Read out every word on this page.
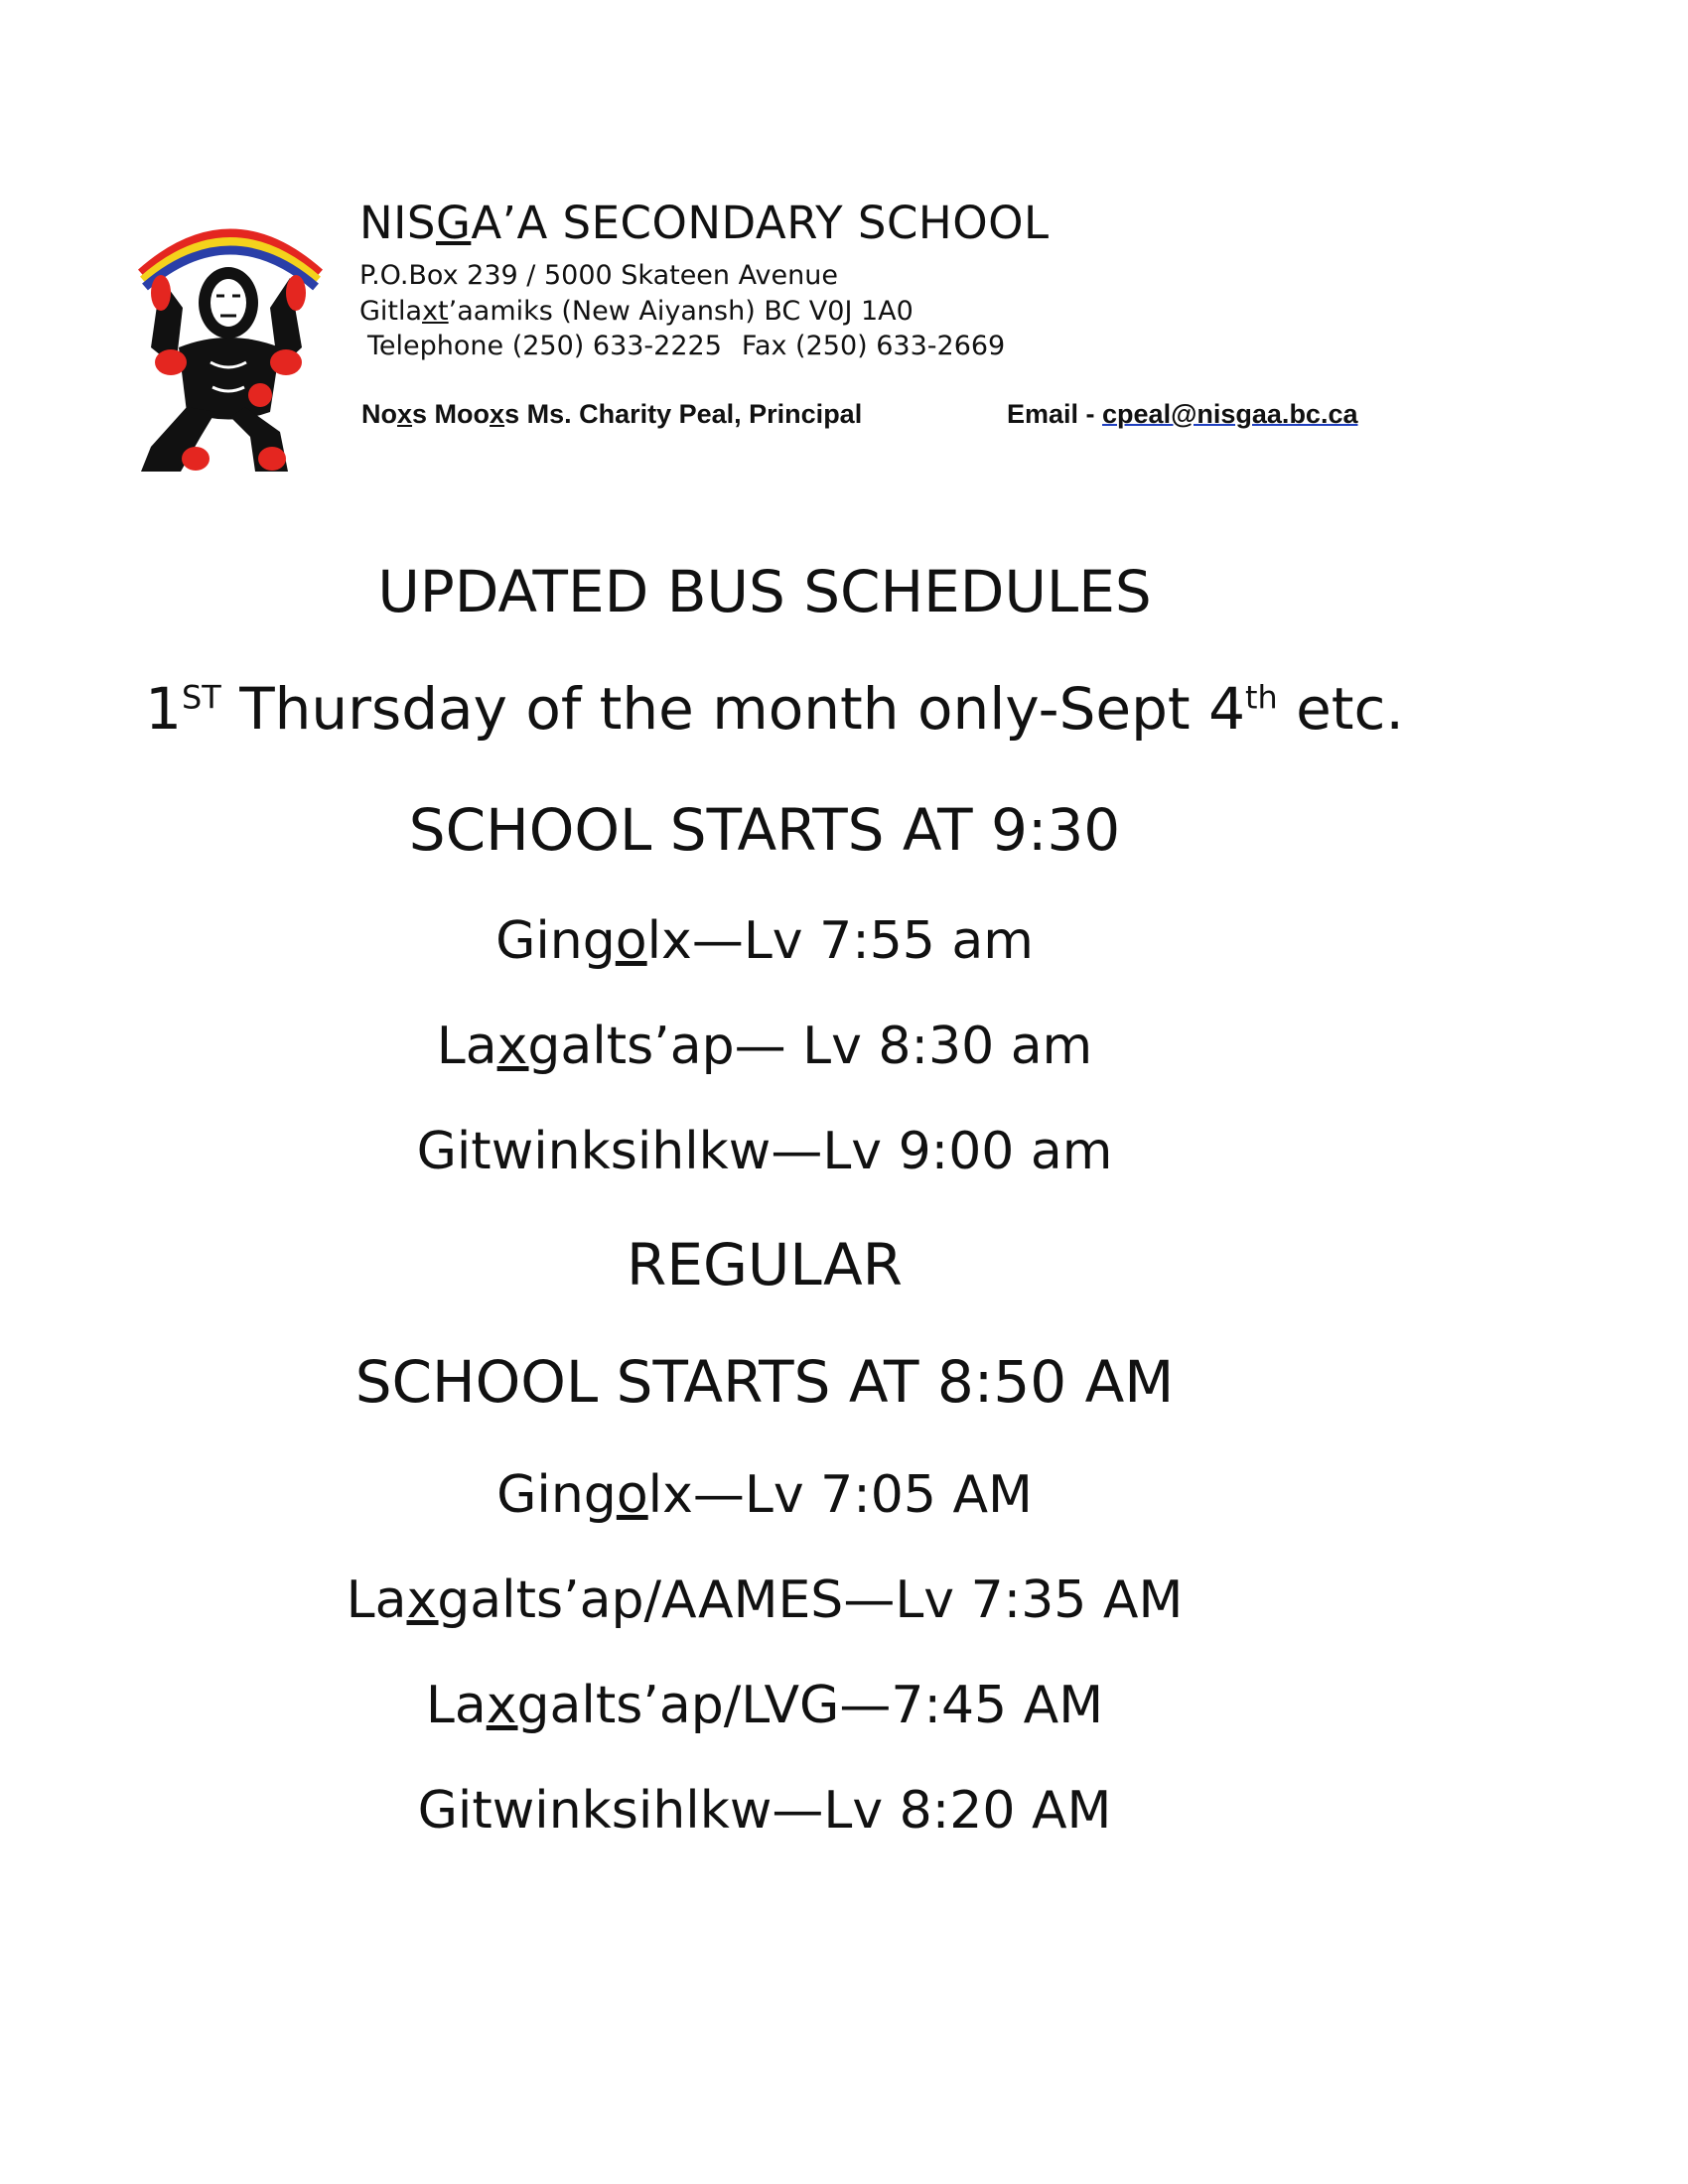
NISGA’A SECONDARY SCHOOL
P.O.Box 239 / 5000 Skateen Avenue
Gitlaxt’aamiks (New Aiyansh) BC V0J 1A0
Telephone (250) 633-2225 Fax (250) 633-2669
Noxs Mooxs Ms. Charity Peal, Principal	Email - cpeal@nisgaa.bc.ca
UPDATED BUS SCHEDULES
1ST Thursday of the month only-Sept 4th etc.
SCHOOL STARTS AT 9:30
Gingolx—Lv 7:55 am
Laxgalts’ap— Lv 8:30 am
Gitwinksihlkw—Lv 9:00 am
REGULAR
SCHOOL STARTS AT 8:50 AM
Gingolx—Lv 7:05 AM
Laxgalts’ap/AAMES—Lv 7:35 AM
Laxgalts’ap/LVG—7:45 AM
Gitwinksihlkw—Lv 8:20 AM
